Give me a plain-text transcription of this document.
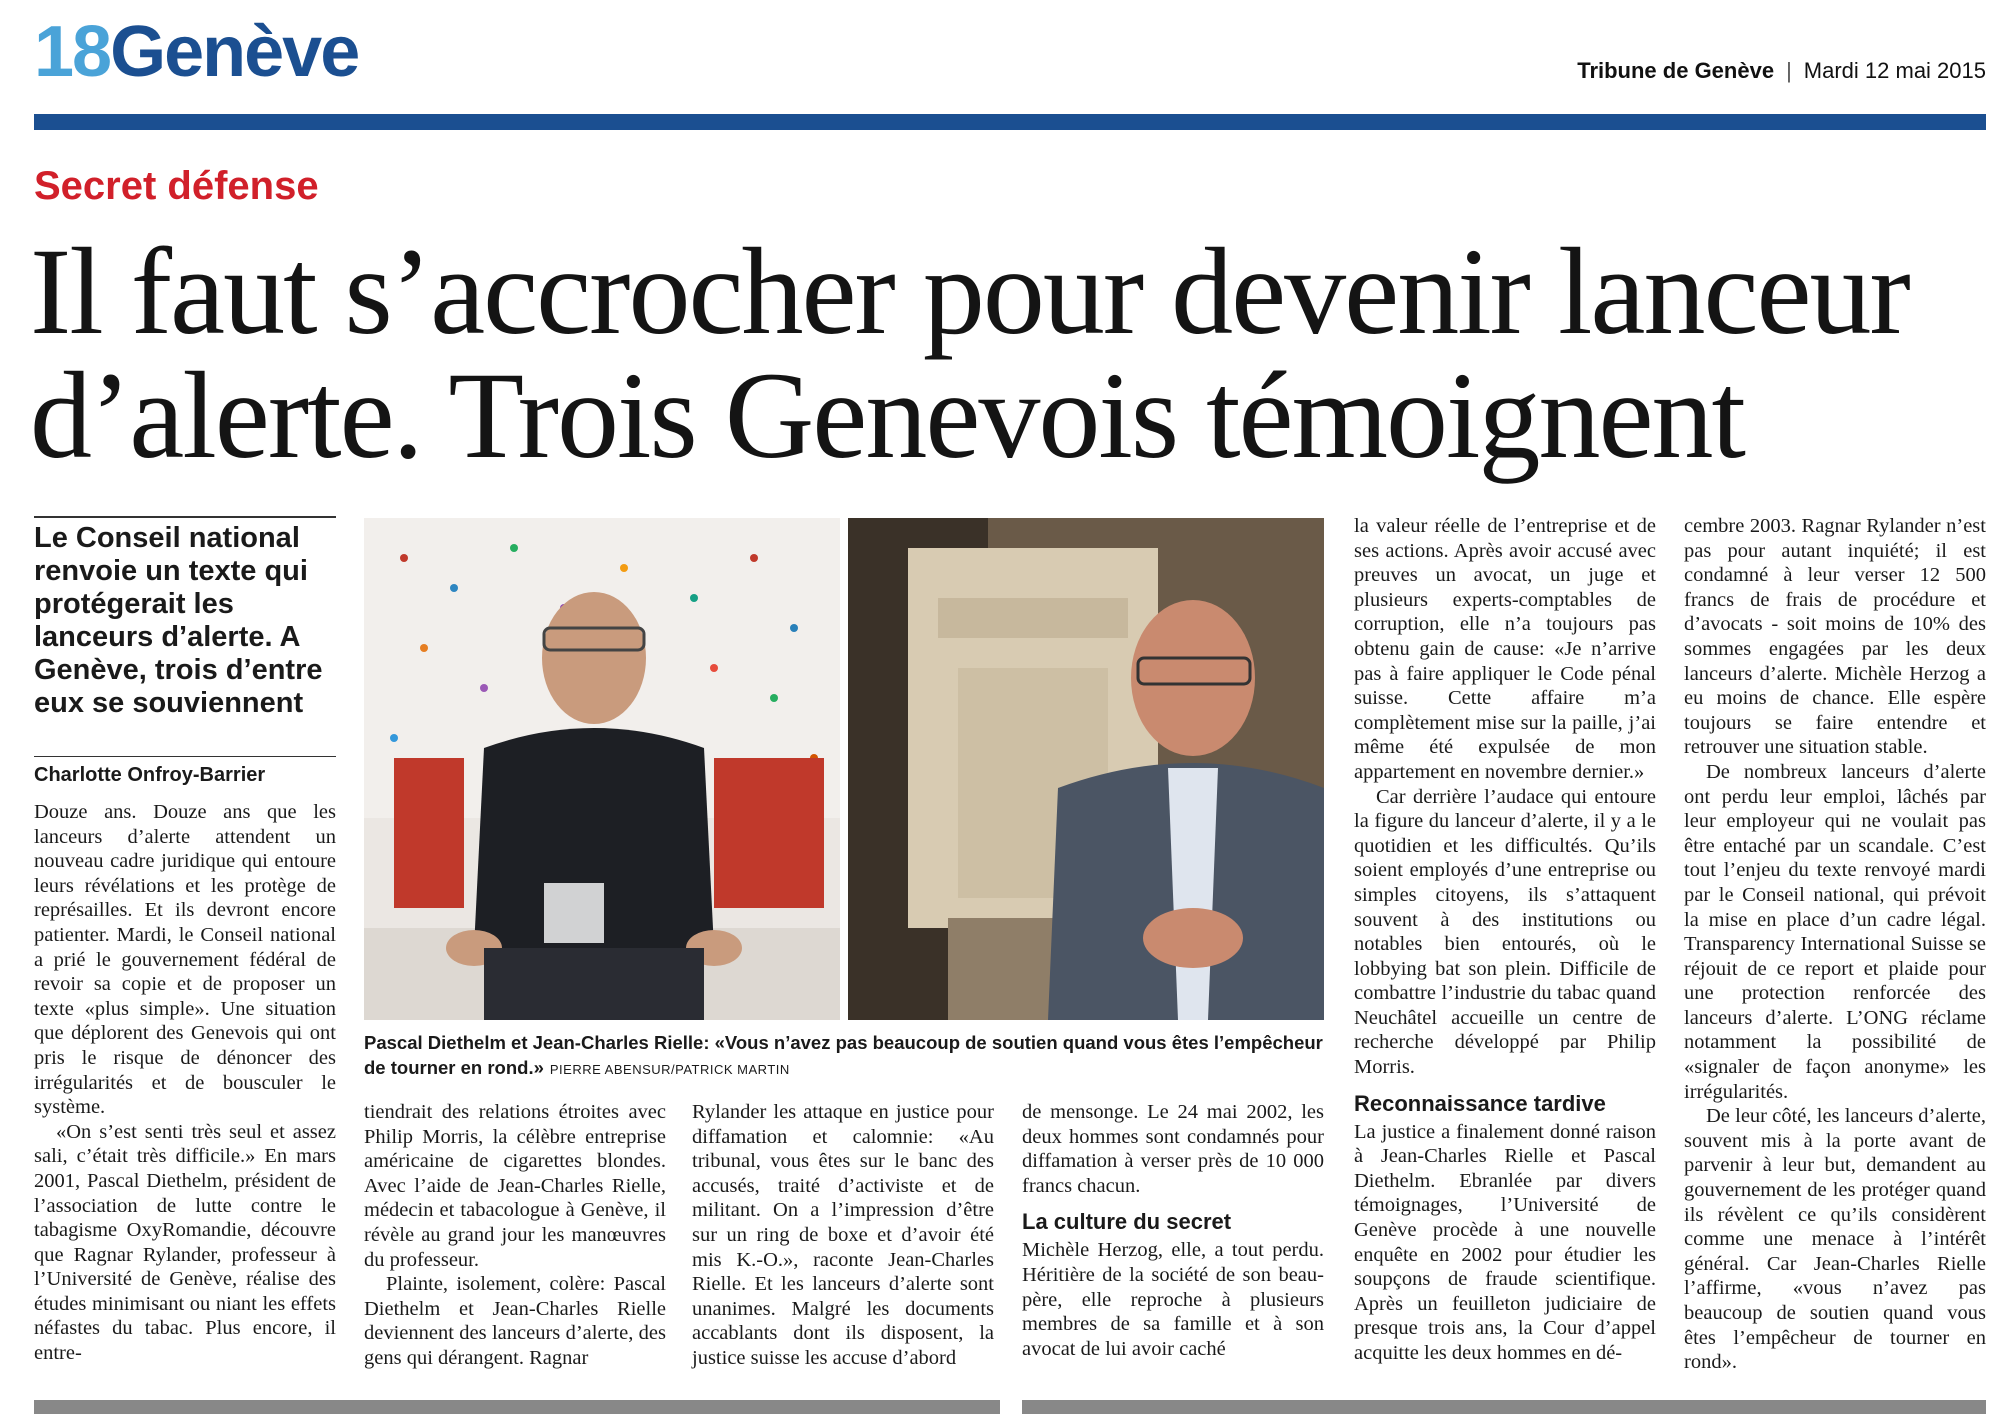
18Genève	Tribune de Genève | Mardi 12 mai 2015
Secret défense
Il faut s’accrocher pour devenir lanceur d’alerte. Trois Genevois témoignent
Le Conseil national renvoie un texte qui protégerait les lanceurs d’alerte. A Genève, trois d’entre eux se souviennent
Charlotte Onfroy-Barrier

Douze ans. Douze ans que les lanceurs d’alerte attendent un nouveau cadre juridique qui entoure leurs révélations et les protège de représailles. Et ils devront encore patienter. Mardi, le Conseil national a prié le gouvernement fédéral de revoir sa copie et de proposer un texte «plus simple». Une situation que déplorent des Genevois qui ont pris le risque de dénoncer des irrégularités et de bousculer le système.

«On s’est senti très seul et assez sali, c’était très difficile.» En mars 2001, Pascal Diethelm, président de l’association de lutte contre le tabagisme OxyRomandie, découvre que Ragnar Rylander, professeur à l’Université de Genève, réalise des études minimisant ou niant les effets néfastes du tabac. Plus encore, il entre-

Pascal Diethelm et Jean-Charles Rielle: «Vous n’avez pas beaucoup de soutien quand vous êtes l’empêcheur de tourner en rond.» PIERRE ABENSUR/PATRICK MARTIN

tiendrait des relations étroites avec Philip Morris, la célèbre entreprise américaine de cigarettes blondes. Avec l’aide de Jean-Charles Rielle, médecin et tabacologue à Genève, il révèle au grand jour les manœuvres du professeur.

Plainte, isolement, colère: Pascal Diethelm et Jean-Charles Rielle deviennent des lanceurs d’alerte, des gens qui dérangent. Ragnar

Rylander les attaque en justice pour diffamation et calomnie: «Au tribunal, vous êtes sur le banc des accusés, traité d’activiste et de militant. On a l’impression d’être sur un ring de boxe et d’avoir été mis K.-O.», raconte Jean-Charles Rielle. Et les lanceurs d’alerte sont unanimes. Malgré les documents accablants dont ils disposent, la justice suisse les accuse d’abord

de mensonge. Le 24 mai 2002, les deux hommes sont condamnés pour diffamation à verser près de 10 000 francs chacun.

La culture du secret

Michèle Herzog, elle, a tout perdu. Héritière de la société de son beau-père, elle reproche à plusieurs membres de sa famille et à son avocat de lui avoir caché

la valeur réelle de l’entreprise et de ses actions. Après avoir accusé avec preuves un avocat, un juge et plusieurs experts-comptables de corruption, elle n’a toujours pas obtenu gain de cause: «Je n’arrive pas à faire appliquer le Code pénal suisse. Cette affaire m’a complètement mise sur la paille, j’ai même été expulsée de mon appartement en novembre dernier.»

Car derrière l’audace qui entoure la figure du lanceur d’alerte, il y a le quotidien et les difficultés. Qu’ils soient employés d’une entreprise ou simples citoyens, ils s’attaquent souvent à des institutions ou notables bien entourés, où le lobbying bat son plein. Difficile de combattre l’industrie du tabac quand Neuchâtel accueille un centre de recherche développé par Philip Morris.

Reconnaissance tardive

La justice a finalement donné raison à Jean-Charles Rielle et Pascal Diethelm. Ebranlée par divers témoignages, l’Université de Genève procède à une nouvelle enquête en 2002 pour étudier les soupçons de fraude scientifique. Après un feuilleton judiciaire de presque trois ans, la Cour d’appel acquitte les deux hommes en dé-

cembre 2003. Ragnar Rylander n’est pas pour autant inquiété; il est condamné à leur verser 12 500 francs de frais de procédure et d’avocats - soit moins de 10% des sommes engagées par les deux lanceurs d’alerte. Michèle Herzog a eu moins de chance. Elle espère toujours se faire entendre et retrouver une situation stable.

De nombreux lanceurs d’alerte ont perdu leur emploi, lâchés par leur employeur qui ne voulait pas être entaché par un scandale. C’est tout l’enjeu du texte renvoyé mardi par le Conseil national, qui prévoit la mise en place d’un cadre légal. Transparency International Suisse se réjouit de ce report et plaide pour une protection renforcée des lanceurs d’alerte. L’ONG réclame notamment la possibilité de «signaler de façon anonyme» les irrégularités.

De leur côté, les lanceurs d’alerte, souvent mis à la porte avant de parvenir à leur but, demandent au gouvernement de les protéger quand ils révèlent ce qu’ils considèrent comme une menace à l’intérêt général. Car Jean-Charles Rielle l’affirme, «vous n’avez pas beaucoup de soutien quand vous êtes l’empêcheur de tourner en rond».
